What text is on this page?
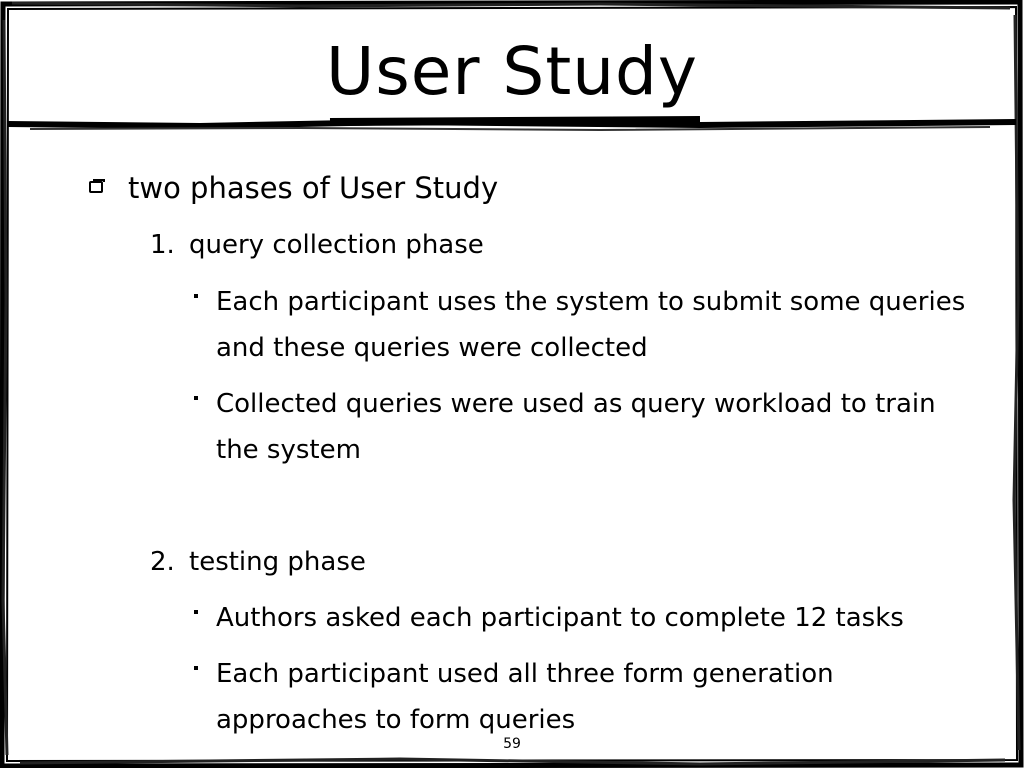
User Study
two phases of User Study
1. query collection phase
Each participant uses the system to submit some queries and these queries were collected
Collected queries were used as query workload to train the system
2. testing phase
Authors asked each participant to complete 12 tasks
Each participant used all three form generation approaches to form queries
59
